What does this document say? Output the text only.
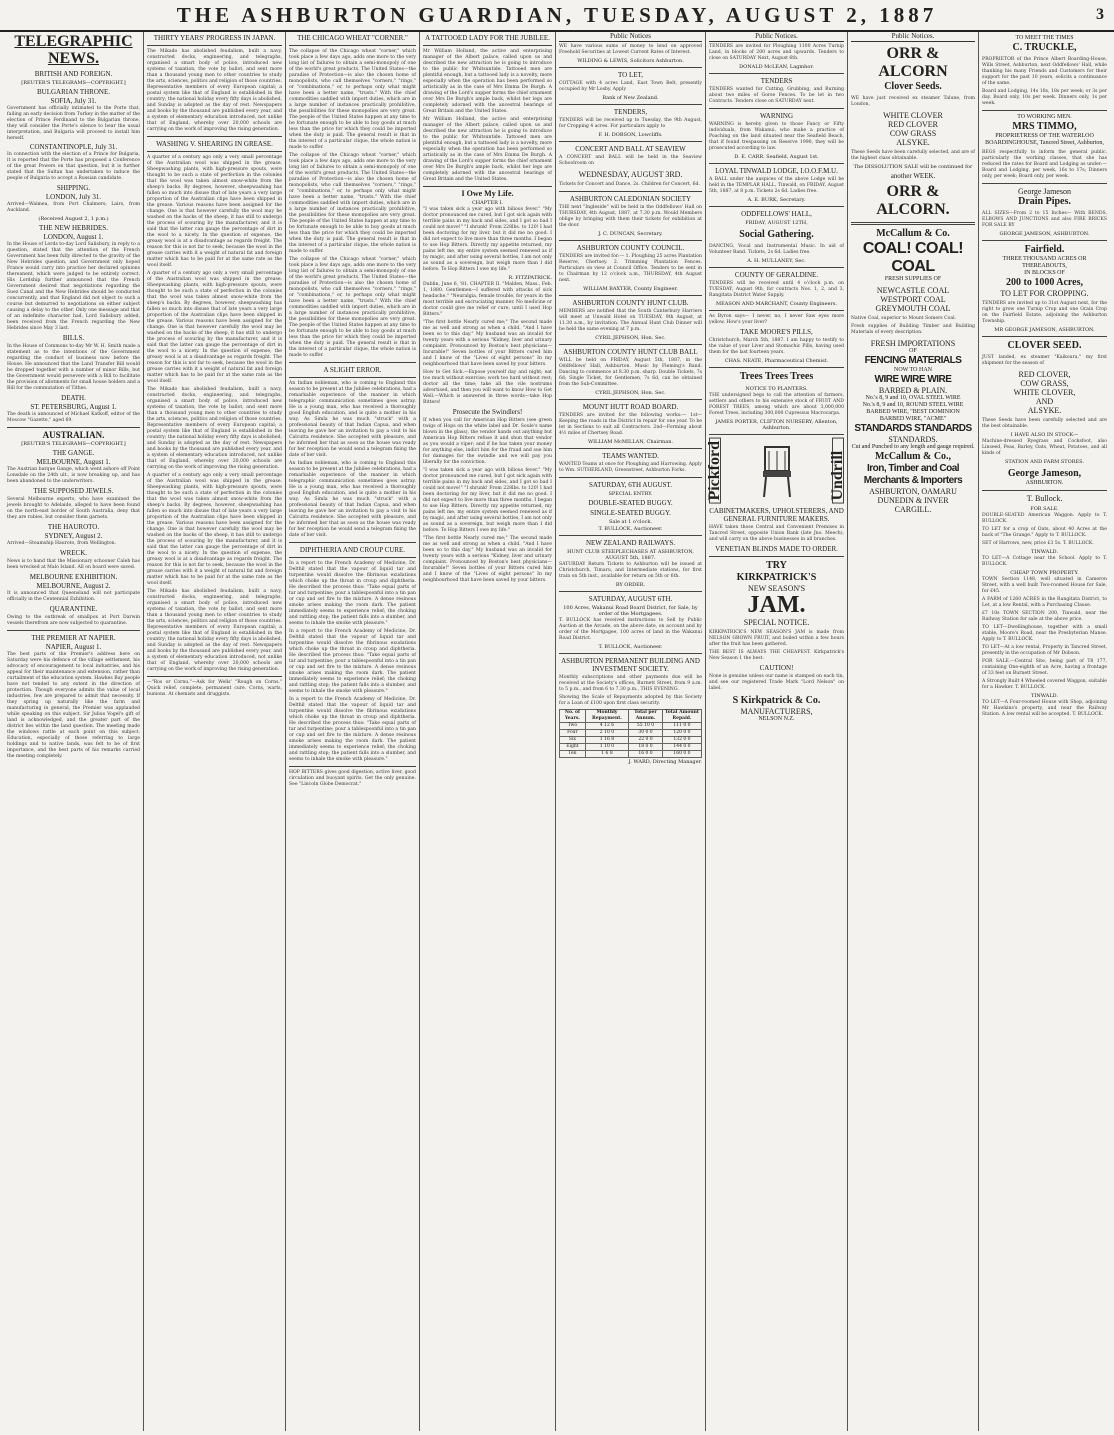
THE ASHBURTON GUARDIAN, TUESDAY, AUGUST 2, 1887	3
TELEGRAPHIC NEWS.
BRITISH AND FOREIGN.
[REUTER'S TELEGRAMS—COPYRIGHT.]
BULGARIAN THRONE.
SOFIA, July 31.

Government has officially intimated to the Porte that, failing an early decision from Turkey in the matter of the election of Prince Ferdinand to the Bulgarian throne, they will consider the Porte's silence to bear the usual interpretation, and Bulgaria will proceed to install him herself.

CONSTANTINOPLE, July 31.

In connection with the election of a Prince for Bulgaria, it is reported that the Porte has proposed a Conference of the great Powers on that question, but it is further stated that the Sultan has undertaken to induce the people of Bulgaria to accept a Russian candidate.

SHIPPING.
LONDON, July 31.

Arrived—Waimea, from Port Chalmers; Lairs, from Auckland.

(Received August 2, 1 p.m.)
THE NEW HEBRIDES.
LONDON, August 1.

In the House of Lords to-day Lord Salisbury, in reply to a question, stated that the attention of the French Government has been fully directed to the gravity of the New Hebrides question, and Government only hoped France would carry into practice her declared opinions thereanent, which were judged to be entirely correct. His Lordship further announced that the French Government desired that negotiations regarding the Suez Canal and the New Hebrides should be conducted concurrently, and that England did not object to such a course but demurred to negotiations on either subject causing a delay to the other. Only one message and that of an indefinite character had, Lord Salisbury added, been received from the French regarding the New Hebrides since May 3 last.

BILLS.

In the House of Commons to-day Mr W. H. Smith made a statement as to the intentions of the Government regarding the conduct of business now before the House. He announced that the Land Transfer Bill would be dropped together with a number of minor Bills, but the Government would persevere with a Bill to facilitate the provision of allotments for small house holders and a Bill for the commutation of Tithes.

DEATH.
ST. PETERSBURG, August 1.

The death is announced of Michael Katkoff, editor of the Moscow "Gazette," aged 69.

AUSTRALIAN.
[REUTER'S TELEGRAMS—COPYRIGHT.]
THE GANGE.
MELBOURNE, August 1.

The Austrian barque Gange, which went ashore off Point Lonsdale on the 24th ult., is now breaking up, and has been abandoned to the underwriters.

THE SUPPOSED JEWELS.

Several Melbourne experts, who have examined the jewels brought to Adelaide, alleged to have been found on the north-east border of South Australia, deny that they are rubies, but consider them garnets.

THE HAUROTO.
SYDNEY, August 2.

Arrived—Steamship Hauroto, from Wellington.

WRECK.

News is to hand that the Missionary schooner Caleb has been wrecked at Malo Island. All on board were saved.

MELBOURNE EXHIBITION.
MELBOURNE, August 2.

It is announced that Queensland will not participate officially in the Centennial Exhibition.

QUARANTINE.

Owing to the outbreak of smallpox at Port Darwin vessels therefrom are now subjected to quarantine.

THE PREMIER AT NAPIER.
NAPIER, August 1.

The best parts of the Premier's address here on Saturday were his defence of the village settlement, his advocacy of encouragement to local industries, and his appeal for their maintenance and extension, rather than curtailment of the education system. Hawkes Bay people have not tended to any extent in the direction of protection. Though everyone admits the value of local industries, few are prepared to admit that necessity. If they spring up naturally like the farm and manufacturing in general, the Premier was applauded while speaking on this subject. Sir Julius Vogel's gift of land is acknowledged, and the greater part of the district lies within the land question. The meeting made the windows rattle at each point on this subject. Education, especially of those referring to large holdings and to native lands, was felt to be of first importance, and the best parts of his remarks carried the meeting completely.

THIRTY YEARS' PROGRESS IN JAPAN.

The Mikado has abolished feudalism, built a navy, constructed docks, engineering, and telegraphs, organised a smart body of police, introduced new systems of taxation, the vote by ballot, and sent more than a thousand young men to other countries to study the arts, sciences, politics and religion of those countries. Representative members of every European capital; a postal system like that of England is established in the country; the national holiday every fifty days is abolished, and Sunday is adopted as the day of rest. Newspapers and books by the thousand are published every year, and a system of elementary education introduced, not unlike that of England, whereby over 20,000 schools are carrying on the work of improving the rising generation.

WASHING V. SHEARING IN GREASE.

A quarter of a century ago only a very small percentage of the Australian wool was shipped in the grease. Sheepwashing plants, with high-pressure spouts, were thought to be such a state of perfection in the colonies that the wool was taken almost snow-white from the sheep's backs. By degrees, however, sheepwashing has fallen so much into disuse that of late years a very large proportion of the Australian clips have been shipped in the grease. Various reasons have been assigned for the change. One is that however carefully the wool may be washed on the backs of the sheep, it has still to undergo the process of scouring by the manufacturer, and it is said that the latter can gauge the percentage of dirt in the wool to a nicety. In the question of expense, the greasy wool is at a disadvantage as regards freight. The reason for this is not far to seek, because the wool in the grease carries with it a weight of natural fat and foreign matter which has to be paid for at the same rate as the wool itself.

A quarter of a century ago only a very small percentage of the Australian wool was shipped in the grease. Sheepwashing plants, with high-pressure spouts, were thought to be such a state of perfection in the colonies that the wool was taken almost snow-white from the sheep's backs. By degrees, however, sheepwashing has fallen so much into disuse that of late years a very large proportion of the Australian clips have been shipped in the grease. Various reasons have been assigned for the change. One is that however carefully the wool may be washed on the backs of the sheep, it has still to undergo the process of scouring by the manufacturer, and it is said that the latter can gauge the percentage of dirt in the wool to a nicety. In the question of expense, the greasy wool is at a disadvantage as regards freight. The reason for this is not far to seek, because the wool in the grease carries with it a weight of natural fat and foreign matter which has to be paid for at the same rate as the wool itself.

The Mikado has abolished feudalism, built a navy, constructed docks, engineering, and telegraphs, organised a smart body of police, introduced new systems of taxation, the vote by ballot, and sent more than a thousand young men to other countries to study the arts, sciences, politics and religion of those countries. Representative members of every European capital; a postal system like that of England is established in the country; the national holiday every fifty days is abolished, and Sunday is adopted as the day of rest. Newspapers and books by the thousand are published every year, and a system of elementary education introduced, not unlike that of England, whereby over 20,000 schools are carrying on the work of improving the rising generation.

A quarter of a century ago only a very small percentage of the Australian wool was shipped in the grease. Sheepwashing plants, with high-pressure spouts, were thought to be such a state of perfection in the colonies that the wool was taken almost snow-white from the sheep's backs. By degrees, however, sheepwashing has fallen so much into disuse that of late years a very large proportion of the Australian clips have been shipped in the grease. Various reasons have been assigned for the change. One is that however carefully the wool may be washed on the backs of the sheep, it has still to undergo the process of scouring by the manufacturer, and it is said that the latter can gauge the percentage of dirt in the wool to a nicety. In the question of expense, the greasy wool is at a disadvantage as regards freight. The reason for this is not far to seek, because the wool in the grease carries with it a weight of natural fat and foreign matter which has to be paid for at the same rate as the wool itself.

The Mikado has abolished feudalism, built a navy, constructed docks, engineering, and telegraphs, organised a smart body of police, introduced new systems of taxation, the vote by ballot, and sent more than a thousand young men to other countries to study the arts, sciences, politics and religion of those countries. Representative members of every European capital; a postal system like that of England is established in the country; the national holiday every fifty days is abolished, and Sunday is adopted as the day of rest. Newspapers and books by the thousand are published every year, and a system of elementary education introduced, not unlike that of England, whereby over 20,000 schools are carrying on the work of improving the rising generation.

—"Ros or Cornu."—Ask for Wells' "Rough on Corns." Quick relief, complete, permanent cure. Corns, warts, bunions. At chemists and druggists.

THE CHICAGO WHEAT "CORNER."

The collapse of the Chicago wheat "corner," which took place a few days ago, adds one more to the very long list of failures to obtain a semi-monopoly of one of the world's great products. The United States—the paradise of Protection—is also the chosen home of monopolists, who call themselves "corners," "rings," or "combinations," or, to perhaps only what might have been a better name, "trusts." With the chief commodities saddled with import duties, which are in a large number of instances practically prohibitive, the possibilities for these monopolies are very great. The people of the United States happen at any time to be fortunate enough to be able to buy goods at much less than the price for which they could be imported when the duty is paid. The general result is that in the interest of a particular clique, the whole nation is made to suffer.

The collapse of the Chicago wheat "corner," which took place a few days ago, adds one more to the very long list of failures to obtain a semi-monopoly of one of the world's great products. The United States—the paradise of Protection—is also the chosen home of monopolists, who call themselves "corners," "rings," or "combinations," or, to perhaps only what might have been a better name, "trusts." With the chief commodities saddled with import duties, which are in a large number of instances practically prohibitive, the possibilities for these monopolies are very great. The people of the United States happen at any time to be fortunate enough to be able to buy goods at much less than the price for which they could be imported when the duty is paid. The general result is that in the interest of a particular clique, the whole nation is made to suffer.

The collapse of the Chicago wheat "corner," which took place a few days ago, adds one more to the very long list of failures to obtain a semi-monopoly of one of the world's great products. The United States—the paradise of Protection—is also the chosen home of monopolists, who call themselves "corners," "rings," or "combinations," or, to perhaps only what might have been a better name, "trusts." With the chief commodities saddled with import duties, which are in a large number of instances practically prohibitive, the possibilities for these monopolies are very great. The people of the United States happen at any time to be fortunate enough to be able to buy goods at much less than the price for which they could be imported when the duty is paid. The general result is that in the interest of a particular clique, the whole nation is made to suffer.

A SLIGHT ERROR.

An Indian nobleman, who is coming to England this season to be present at the Jubilee celebrations, had a remarkable experience of the manner in which telegraphic communication sometimes goes astray. He is a young man, who has received a thoroughly good English education, and is quite a mother in his way. As Simla he was much "struck" with a professional beauty of that Indian Capua, and when leaving he gave her an invitation to pay a visit to his Calcutta residence. She accepted with pleasure, and he informed her that as soon as the house was ready for her reception he would send a telegram fixing the date of her visit.

An Indian nobleman, who is coming to England this season to be present at the Jubilee celebrations, had a remarkable experience of the manner in which telegraphic communication sometimes goes astray. He is a young man, who has received a thoroughly good English education, and is quite a mother in his way. As Simla he was much "struck" with a professional beauty of that Indian Capua, and when leaving he gave her an invitation to pay a visit to his Calcutta residence. She accepted with pleasure, and he informed her that as soon as the house was ready for her reception he would send a telegram fixing the date of her visit.

DIPHTHERIA AND CROUP CURE.

In a report to the French Academy of Medicine, Dr. Delthil stated that the vapour of liquid tar and turpentine would dissolve the fibrinous exudations which choke up the throat in croup and diphtheria. He described the process thus: "Take equal parts of tar and turpentine; pour a tablespoonful into a tin pan or cup and set fire to the mixture. A dense resinous smoke arises making the room dark. The patient immediately seems to experience relief; the choking and rattling stop; the patient falls into a slumber, and seems to inhale the smoke with pleasure."

In a report to the French Academy of Medicine, Dr. Delthil stated that the vapour of liquid tar and turpentine would dissolve the fibrinous exudations which choke up the throat in croup and diphtheria. He described the process thus: "Take equal parts of tar and turpentine; pour a tablespoonful into a tin pan or cup and set fire to the mixture. A dense resinous smoke arises making the room dark. The patient immediately seems to experience relief; the choking and rattling stop; the patient falls into a slumber, and seems to inhale the smoke with pleasure."

In a report to the French Academy of Medicine, Dr. Delthil stated that the vapour of liquid tar and turpentine would dissolve the fibrinous exudations which choke up the throat in croup and diphtheria. He described the process thus: "Take equal parts of tar and turpentine; pour a tablespoonful into a tin pan or cup and set fire to the mixture. A dense resinous smoke arises making the room dark. The patient immediately seems to experience relief; the choking and rattling stop; the patient falls into a slumber, and seems to inhale the smoke with pleasure."

HOP BITTERS gives good digestion, active liver, good circulation and buoyant spirits. Get the only genuine. See "Lincoln Globe Democrat."

A TATTOOED LADY FOR THE JUBILEE.

Mr William Holland, the active and enterprising manager of the Albert palace, called upon us and described the new attraction he is going to introduce to the public for Whitsuntide. Tattooed men are plentiful enough, but a tattooed lady is a novelty, more especially when the operation has been performed so artistically as in the case of Mrs Emma De Burgh. A drawing of the Lord's supper forms the chief ornament over Mrs De Burgh's ample back, whilst her legs are completely adorned with the ancestral bearings of Great Britain and the United States.

Mr William Holland, the active and enterprising manager of the Albert palace, called upon us and described the new attraction he is going to introduce to the public for Whitsuntide. Tattooed men are plentiful enough, but a tattooed lady is a novelty, more especially when the operation has been performed so artistically as in the case of Mrs Emma De Burgh. A drawing of the Lord's supper forms the chief ornament over Mrs De Burgh's ample back, whilst her legs are completely adorned with the ancestral bearings of Great Britain and the United States.

I Owe My Life.
CHAPTER I.

"I was taken sick a year ago with bilious fever." "My doctor pronounced me cured, but I got sick again with terrible pains in my back and sides, and I got so bad I could not move!" "I shrunk! From 228lbs. to 120! I had been doctoring for my liver, but it did me no good. I did not expect to live more than three months. I began to use Hop Bitters. Directly my appetite returned, my pains left me, my entire system seemed renewed as if by magic, and after using several bottles, I am not only as sound as a sovereign, but weigh more than I did before. To Hop Bitters I owe my life."

R. FITZPATRICK.

Dublin, June 6, '81. CHAPTER II. "Malden, Mass., Feb. 1, 1880. Gentlemen—I suffered with attacks of sick headache." "Neuralgia, female trouble, for years in the most terrible and excruciating manner. No medicine or doctor could give me relief or cure, until I used Hop Bitters."

"The first bottle Nearly cured me;" The second made me as well and strong as when a child. "And I have been so to this day." My husband was an invalid for twenty years with a serious "Kidney, liver and urinary complaint. Pronounced by Boston's best physicians—Incurable!" Seven bottles of your Bitters cured him and I know of the "Lives of eight persons" In my neighbourhood that have been saved by your bitters.

How to Get Sick.—Expose yourself day and night; eat too much without exercise; work too hard without rest; doctor all the time; take all the vile nostrums advertised, and then you will want to know How to Get Well.—Which is answered in three words—take Hop Bitters!

Prosecute the Swindlers!

If when you call for American Hop Bitters (see green twigs of Hops on the white label and Dr. Soule's name blown in the glass), the vendor hands out anything but American Hop Bitters refuse it and shun that vendor as you would a viper; and if he has taken your money for anything else, indict him for the fraud and sue him for damages for the swindle and we will pay you liberally for the conviction.

"I was taken sick a year ago with bilious fever." "My doctor pronounced me cured, but I got sick again with terrible pains in my back and sides, and I got so bad I could not move!" "I shrunk! From 228lbs. to 120! I had been doctoring for my liver, but it did me no good. I did not expect to live more than three months. I began to use Hop Bitters. Directly my appetite returned, my pains left me, my entire system seemed renewed as if by magic, and after using several bottles, I am not only as sound as a sovereign, but weigh more than I did before. To Hop Bitters I owe my life."

"The first bottle Nearly cured me;" The second made me as well and strong as when a child. "And I have been so to this day." My husband was an invalid for twenty years with a serious "Kidney, liver and urinary complaint. Pronounced by Boston's best physicians—Incurable!" Seven bottles of your Bitters cured him and I know of the "Lives of eight persons" In my neighbourhood that have been saved by your bitters.

Public Notices

WE have various sums of money to lend on approved Freehold Securities at Lowest Current Rates of Interest.

WILDING & LEWIS, Solicitors Ashburton.
TO LET,

COTTAGE with 4 acres Land, East Town Belt, presently occupied by Mr Losby. Apply

Bank of New Zealand.
TENDERS,

TENDERS will be received up to Tuesday, the 9th August, for Cropping 4 acres. For particulars apply to

F. H. DOBSON, Lowcliffs.
CONCERT AND BALL AT SEAVIEW

A CONCERT and BALL will be held in the Seaview Schoolroom on

WEDNESDAY, AUGUST 3RD.

Tickets for Concert and Dance, 2s. Children for Concert, 6d.

ASHBURTON CALEDONIAN SOCIETY

THE next "Ingleside" will be held in the Oddfellows' Hall on THURSDAY, 4th August, 1887, at 7.30 p.m. Would Members oblige by bringing with them their tickets for exhibition at the door.

J. C. DUNCAN, Secretary.
ASHBURTON COUNTY COUNCIL.

TENDERS are invited for:— 1. Ploughing 25 acres Plantation Reserve, Chertsey. 2. Trimming Plantation Fences. Particulars on view at Council Office. Tenders to be sent in to Chairman by 12 o'clock a.m., THURSDAY, 4th August next.

WILLIAM BAXTER, County Engineer.
ASHBURTON COUNTY HUNT CLUB.

MEMBERS are notified that the South Canterbury Harriers will meet at Unwald Hotel on TUESDAY, 9th August, at 11.30 a.m., by invitation. The Annual Hunt Club Dinner will be held the same evening at 7 p.m.

CYRIL JEPHSON, Hon. Sec.
ASHBURTON COUNTY HUNT CLUB BALL

WILL be held on FRIDAY, August 5th, 1887, in the Oddfellows' Hall, Ashburton. Music by Fleming's Band. Dancing to commence at 8.30 p.m. sharp. Double Tickets, 7s 6d; Single Ticket, for Gentlemen, 7s 6d, can be obtained from the Sub-Committee.

CYRIL JEPHSON, Hon. Sec.
MOUNT HUTT ROAD BOARD.

TENDERS are invited for the following works:— 1st—Keeping the roads in the District in repair for one year. To be let in Sections to suit all Contractors. 2nd—Forming about 4½ miles of Chertsey Road.

WILLIAM McMILLAN, Chairman.
TEAMS WANTED.

WANTED Teams at once for Ploughing and Harrowing. Apply to Wm. SUTHERLAND, Greenstreet, Ashburton Forks.

SATURDAY, 6TH AUGUST.
SPECIAL ENTRY.
DOUBLE-SEATED BUGGY.
SINGLE-SEATED BUGGY.
Sale at 1 o'clock.
T. BULLOCK, Auctioneer.
NEW ZEALAND RAILWAYS.
HUNT CLUB STEEPLECHASES AT ASHBURTON, AUGUST 5th, 1887.

SATURDAY Return Tickets to Ashburton will be issued at Christchurch, Timaru, and Intermediate stations, for first train on 5th inst., available for return on 5th or 6th.

BY ORDER.
SATURDAY, AUGUST 6TH.
100 Acres, Wakanui Road Board District, for Sale, by order of the Mortgagees.

T. BULLOCK has received instructions to Sell by Public Auction at the Arcade, on the above date, on account and by order of the Mortgagee, 100 acres of land in the Wakanui Road District.

T. BULLOCK, Auctioneer.
ASHBURTON PERMANENT BUILDING AND INVESTMENT SOCIETY.

Monthly subscriptions and other payments due will be received at the Society's offices, Burnett Street, from 9 a.m. to 5 p.m., and from 6 to 7.30 p.m., THIS EVENING.

Showing the Scale of Repayments adopted by this Society for a Loan of £100 upon first class security.

No. of Years.	Monthly Repayment.	Total per Annum.	Total Amount Repaid.
Two	4 12 6	55 10 0	111 0 0
Four	2 10 0	30 0 0	120 0 0
Six	1 16 8	22 0 0	132 0 0
Eight	1 10 0	18 0 0	144 0 0
Ten	1 6 8	16 0 0	160 0 0
J. WARD, Directing Manager.
Public Notices.

TENDERS are invited for Ploughing 1100 Acres Turnip Land, in blocks of 200 acres and upwards. Tenders to close on SATURDAY Next, August 6th.

DONALD McLEAN, Lagmhor.
TENDERS

TENDERS wanted for Cutting, Grubbing, and Burning about two miles of Gorse Fences. To be let in two Contracts. Tenders close on SATURDAY next.

WARNING

WARNING is hereby given to those Fancy or Fifty individuals, from Wakanui, who make a practice of Poaching on the land situated near the Seafield Beach, that if found trespassing on Reserve 1990, they will be prosecuted according to law.

D. E. CARR. Seafield, August 1st.
LOYAL TINWALD LODGE, I.O.O.F.M.U.

A BALL under the auspices of the above Lodge will be held in the TEMPLAR HALL, Tinwald, on FRIDAY, August 5th, 1887, at 8 p.m. Tickets 2s 6d. Ladies free.

A. E. BURK, Secretary.
ODDFELLOWS' HALL,
FRIDAY, AUGUST 12TH,
Social Gathering.

DANCING, Vocal and Instrumental Music. In aid of Volunteer Band. Tickets, 2s 6d. Ladies free.

A. H. MULLANEY, Sec.
COUNTY OF GERALDINE.

TENDERS will be received until 4 o'clock p.m. on TUESDAY, August 9th, for contracts Nos. 1, 2, and 3, Rangitata District Water Supply.

MEASON AND MARCHANT, County Engineers.

As Byron says— I never, no, I never Saw eyes more yellow, How's your liver?

TAKE MOORE'S PILLS,

Christchurch, March 5th, 1887. I am happy to testify to the value of your Liver and Stomachic Pills, having used them for the last fourteen years.

CHAS. NEATE, Pharmaceutical Chemist.
Trees Trees Trees
NOTICE TO PLANTERS.

THE undersigned begs to call the attention of farmers, settlers and others to his extensive stock of FRUIT AND FOREST TREES, among which are about 3,000,000 Forest Trees, including 300,000 Cupressus Macrocarpa.

JAMES PORTER, CLIFTON NURSERY, Allenton, Ashburton.
Pickford	Undrill
CABINETMAKERS, UPHOLSTERERS, AND GENERAL FURNITURE MAKERS.

HAVE taken those Central and Convenient Premises in Tancred Street, opposite Union Bank (late Jno. Meech), and will carry on the above businesses in all branches.

VENETIAN BLINDS MADE TO ORDER.
TRY
KIRKPATRICK'S
NEW SEASON'S
JAM.
SPECIAL NOTICE.

KIRKPATRICK'S NEW SEASON'S JAM is made from NELSON GROWN FRUIT, and boiled within a few hours after the fruit has been gathered.

THE BEST IS ALWAYS THE CHEAPEST. Kirkpatrick's New Season 1 the best.

CAUTION!

None is genuine unless our name is stamped on each tin, and see our registered Trade Mark "Lord Nelson" on label.

S Kirkpatrick & Co.
MANUFACTURERS,
NELSON N.Z.
Public Notices.
ORR & ALCORN
Clover Seeds.

WE have just received ex steamer Talune, from London,

WHITE CLOVER
RED CLOVER
COW GRASS
ALSYKE.

These Seeds have been carefully selected, and are of the highest class obtainable.

The DISSOLUTION SALE will be continued for
another WEEK.
ORR & ALCORN.
McCallum & Co.
COAL! COAL! COAL
FRESH SUPPLIES OF
NEWCASTLE COAL
WESTPORT COAL
GREYMOUTH COAL

Native Coal, superior to Mount Somers Coal.

Fresh supplies of Building Timber and Building Materials of every description.

FRESH IMPORTATIONS
OF
FENCING MATERIALS
NOW TO HAN
WIRE WIRE WIRE
BARBED & PLAIN.
No.'s 8, 9 and 10, OVAL STEEL WIRE
No.'s 8, 9 and 10, ROUND STEEL WIRE
BARBED WIRE, "BEST DOMINION
BARBED WIRE, "ACME"
STANDARDS STANDARDS
STANDARDS.
Cut and Punched to any length and gauge required.
McCallum & Co.,
Iron, Timber and Coal
Merchants & Importers
ASHBURTON, OAMARU
DUNEDIN & INVER
CARGILL.
TO MEET THE TIMES
C. TRUCKLE,

PROPRIETOR of the Prince Albert Boarding-House, Wills Street, Ashburton, next Oddfellows' Hall, while thanking his many Friends and Customers for their support for the past 10 years, solicits a continuance of the same.

Board and Lodging, 14s 18s, 18s per week; or 3s per day. Board only, 10s per week. Dinners only, 1s per week.

TO WORKING MEN.
MRS TIMMO,
PROPRIETRESS OF THE WATERLOO BOARDINGHOUSE, Tancred Street, Ashburton,

BEGS respectfully to inform the general public, particularly the working classes, that she has reduced the rates for Board and Lodging as under:— Board and Lodging, per week, 16s to 17s; Dinners only, per week; Board only, per week.

George Jameson
Drain Pipes.

ALL SIZES—From 2 to 15 Inches— With BENDS, ELBOWS AND JUNCTIONS and also FIRE BRICKS FOR SALE BY

GEORGE JAMESON, ASHBURTON.
Fairfield.
THREE THOUSAND ACRES OR THEREABOUTS,
IN BLOCKS OF
200 to 1000 Acres,
TO LET FOR CROPPING.

TENDERS are invited up to 31st August next, for the right to grow one Turnip Crop and one Grain Crop on the Fairfield Estate, adjoining the Ashburton Township.

MR GEORGE JAMESON, ASHBURTON.
CLOVER SEED.

JUST landed, ex steamer "Kaikoura," my first shipment for the season of

RED CLOVER,
COW GRASS,
WHITE CLOVER,
AND
ALSYKE.

These Seeds have been carefully selected and are the best obtainable.

I HAVE ALSO IN STOCK—

Machine-dressed Ryegrass and Cocksfoot, also Linseed, Peas, Barley, Oats, Wheat, Potatoes, and all kinds of

STATION AND FARM STORES.
George Jameson,
ASHBURTON.
T. Bullock.
FOR SALE.

DOUBLE-SEATED American Waggon. Apply to T. BULLOCK.

TO LET for a crop of Oats, about 40 Acres at the back of "The Grange." Apply to T. BULLOCK.

SET of Harrows, new, price £3 5s. T. BULLOCK.

TINWALD.

TO LET—A Cottage near the School. Apply to T. BULLOCK.

CHEAP TOWN PROPERTY.

TOWN Section 1148, well situated in Cameron Street, with a well built Two-roomed House for Sale, for £45.

A FARM of 1260 ACRES in the Rangitata District, to Let, at a low Rental, with a Purchasing Clause.

£7 10s TOWN SECTION 200, Tinwald, near the Railway Station for sale at the above price.

TO LET—Dwellinghouse, together with a small stable, Moore's Road, near the Presbyterian Manse. Apply to T. BULLOCK.

TO LET—At a low rental, Property in Tancred Street, presently in the occupation of Mr Dobson.

FOR SALE.—Central Site, being part of T8 177, containing One-eighth of an Acre, having a frontage of 33 feet on Burnett Street.

A Strongly Built 4 Wheeled covered Waggon, suitable for a Hawker. T. BULLOCK.

TINWALD.

TO LET—A Four-roomed House with Shop, adjoining Mr Hawkins's property, and near the Railway Station. A low rental will be accepted. T. BULLOCK.
